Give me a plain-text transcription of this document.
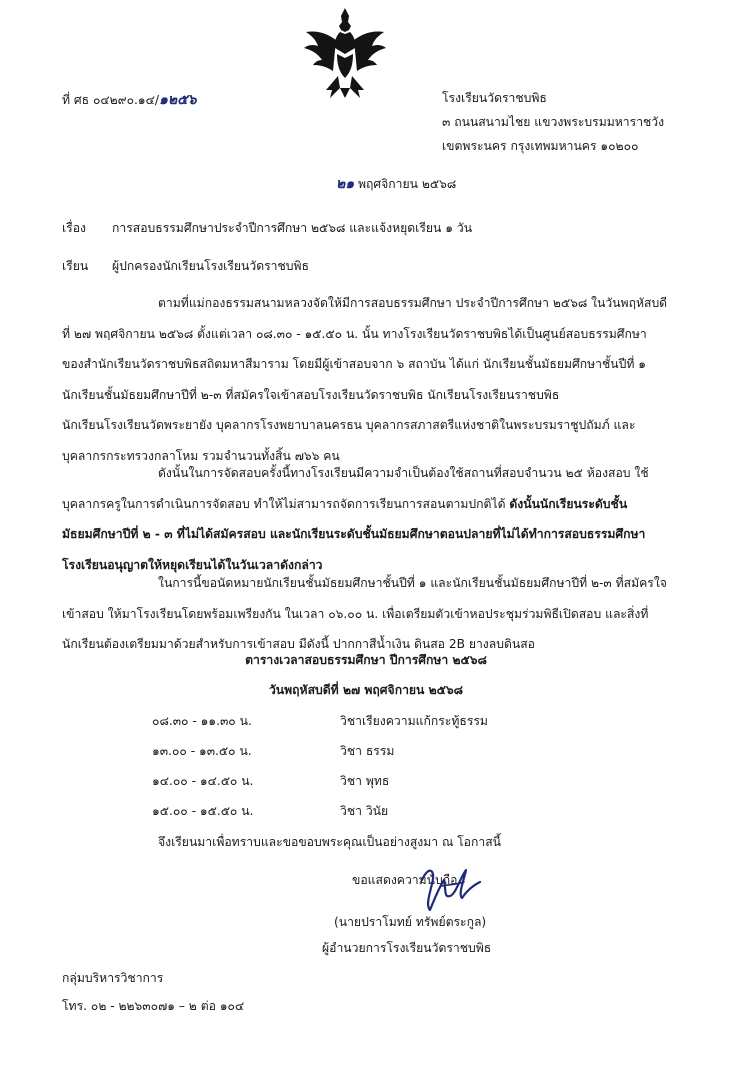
ที่ ศธ ๐๔๒๙๐.๑๔/๑๒๕๖	โรงเรียนวัดราชบพิธ
๓ ถนนสนามไชย แขวงพระบรมมหาราชวัง
เขตพระนคร กรุงเทพมหานคร ๑๐๒๐๐
๒๑ พฤศจิกายน ๒๕๖๘
เรื่อง การสอบธรรมศึกษาประจำปีการศึกษา ๒๕๖๘ และแจ้งหยุดเรียน ๑ วัน
เรียน ผู้ปกครองนักเรียนโรงเรียนวัดราชบพิธ
ตามที่แม่กองธรรมสนามหลวงจัดให้มีการสอบธรรมศึกษา ประจำปีการศึกษา ๒๕๖๘ ในวันพฤหัสบดี
ที่ ๒๗ พฤศจิกายน ๒๕๖๘ ตั้งแต่เวลา ๐๘.๓๐ - ๑๕.๕๐ น. นั้น ทางโรงเรียนวัดราชบพิธได้เป็นศูนย์สอบธรรมศึกษา
ของสำนักเรียนวัดราชบพิธสถิตมหาสีมาราม โดยมีผู้เข้าสอบจาก ๖ สถาบัน ได้แก่ นักเรียนชั้นมัธยมศึกษาชั้นปีที่ ๑
นักเรียนชั้นมัธยมศึกษาปีที่ ๒-๓ ที่สมัครใจเข้าสอบโรงเรียนวัดราชบพิธ นักเรียนโรงเรียนราชบพิธ
นักเรียนโรงเรียนวัดพระยายัง บุคลากรโรงพยาบาลนครธน บุคลากรสภาสตรีแห่งชาติในพระบรมราชูปถัมภ์ และ
บุคลากรกระทรวงกลาโหม รวมจำนวนทั้งสิ้น ๗๖๖ คน
ดังนั้นในการจัดสอบครั้งนี้ทางโรงเรียนมีความจำเป็นต้องใช้สถานที่สอบจำนวน ๒๕ ห้องสอบ ใช้
บุคลากรครูในการดำเนินการจัดสอบ ทำให้ไม่สามารถจัดการเรียนการสอนตามปกติได้ ดังนั้นนักเรียนระดับชั้น
มัธยมศึกษาปีที่ ๒ - ๓ ที่ไม่ได้สมัครสอบ และนักเรียนระดับชั้นมัธยมศึกษาตอนปลายที่ไม่ได้ทำการสอบธรรมศึกษา
โรงเรียนอนุญาตให้หยุดเรียนได้ในวันเวลาดังกล่าว
ในการนี้ขอนัดหมายนักเรียนชั้นมัธยมศึกษาชั้นปีที่ ๑ และนักเรียนชั้นมัธยมศึกษาปีที่ ๒-๓ ที่สมัครใจ
เข้าสอบ ให้มาโรงเรียนโดยพร้อมเพรียงกัน ในเวลา ๐๖.๐๐ น. เพื่อเตรียมตัวเข้าหอประชุมร่วมพิธีเปิดสอบ และสิ่งที่
นักเรียนต้องเตรียมมาด้วยสำหรับการเข้าสอบ มีดังนี้ ปากกาสีน้ำเงิน ดินสอ 2B ยางลบดินสอ
ตารางเวลาสอบธรรมศึกษา ปีการศึกษา ๒๕๖๘
วันพฤหัสบดีที่ ๒๗ พฤศจิกายน ๒๕๖๘
๐๘.๓๐ - ๑๑.๓๐ น.	วิชาเรียงความแก้กระทู้ธรรม
๑๓.๐๐ - ๑๓.๕๐ น.	วิชา ธรรม
๑๔.๐๐ - ๑๔.๕๐ น.	วิชา พุทธ
๑๕.๐๐ - ๑๕.๕๐ น.	วิชา วินัย
จึงเรียนมาเพื่อทราบและขอขอบพระคุณเป็นอย่างสูงมา ณ โอกาสนี้
ขอแสดงความนับถือ
(นายปราโมทย์ ทรัพย์ตระกูล)
ผู้อำนวยการโรงเรียนวัดราชบพิธ
กลุ่มบริหารวิชาการ
โทร. ๐๒ - ๒๒๖๓๐๗๑ – ๒ ต่อ ๑๐๔
